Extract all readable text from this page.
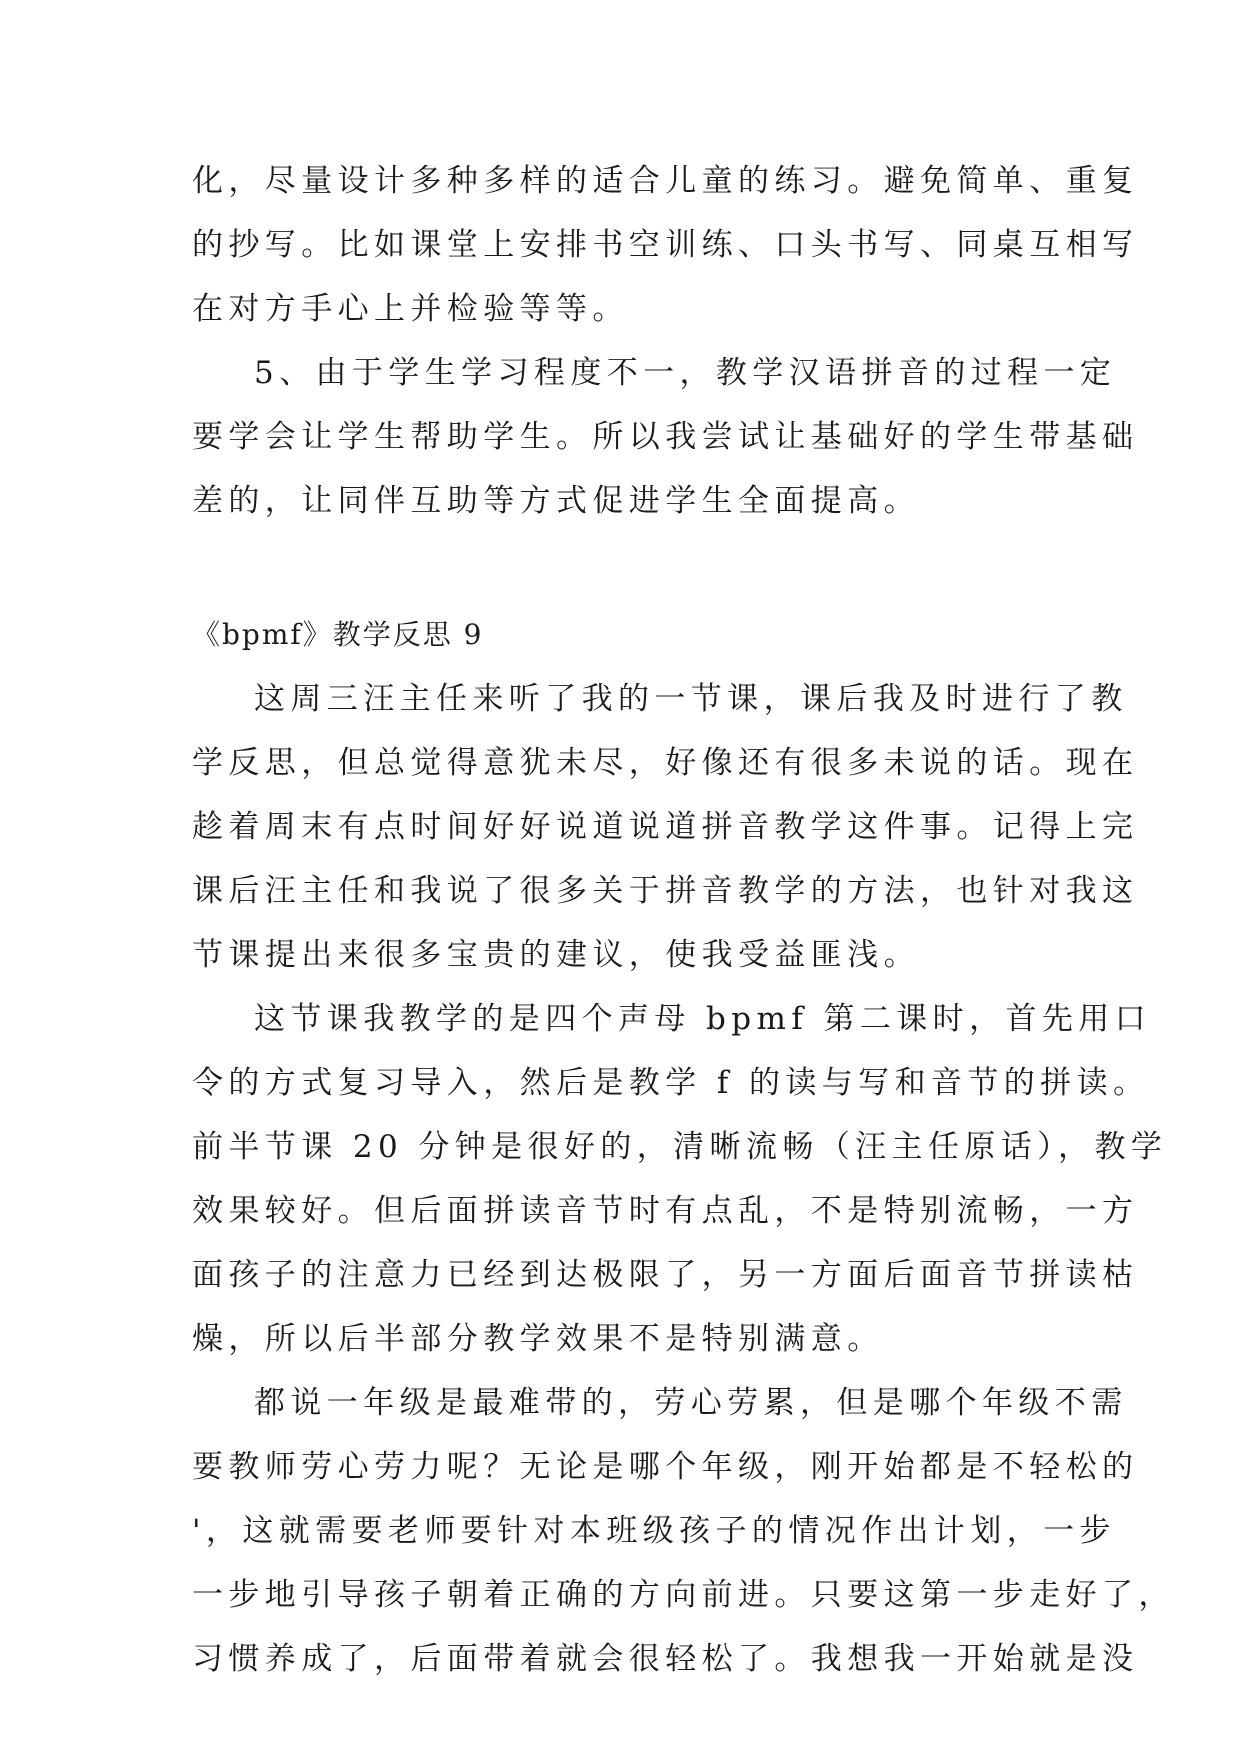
化，尽量设计多种多样的适合儿童的练习。避免简单、重复
的抄写。比如课堂上安排书空训练、口头书写、同桌互相写
在对方手心上并检验等等。
5、由于学生学习程度不一，教学汉语拼音的过程一定
要学会让学生帮助学生。所以我尝试让基础好的学生带基础
差的，让同伴互助等方式促进学生全面提高。
《bpmf》教学反思 9
这周三汪主任来听了我的一节课，课后我及时进行了教
学反思，但总觉得意犹未尽，好像还有很多未说的话。现在
趁着周末有点时间好好说道说道拼音教学这件事。记得上完
课后汪主任和我说了很多关于拼音教学的方法，也针对我这
节课提出来很多宝贵的建议，使我受益匪浅。
这节课我教学的是四个声母 bpmf 第二课时，首先用口
令的方式复习导入，然后是教学 f 的读与写和音节的拼读。
前半节课 20 分钟是很好的，清晰流畅（汪主任原话），教学
效果较好。但后面拼读音节时有点乱，不是特别流畅，一方
面孩子的注意力已经到达极限了，另一方面后面音节拼读枯
燥，所以后半部分教学效果不是特别满意。
都说一年级是最难带的，劳心劳累，但是哪个年级不需
要教师劳心劳力呢？无论是哪个年级，刚开始都是不轻松的
'，这就需要老师要针对本班级孩子的情况作出计划，一步
一步地引导孩子朝着正确的方向前进。只要这第一步走好了，
习惯养成了，后面带着就会很轻松了。我想我一开始就是没
